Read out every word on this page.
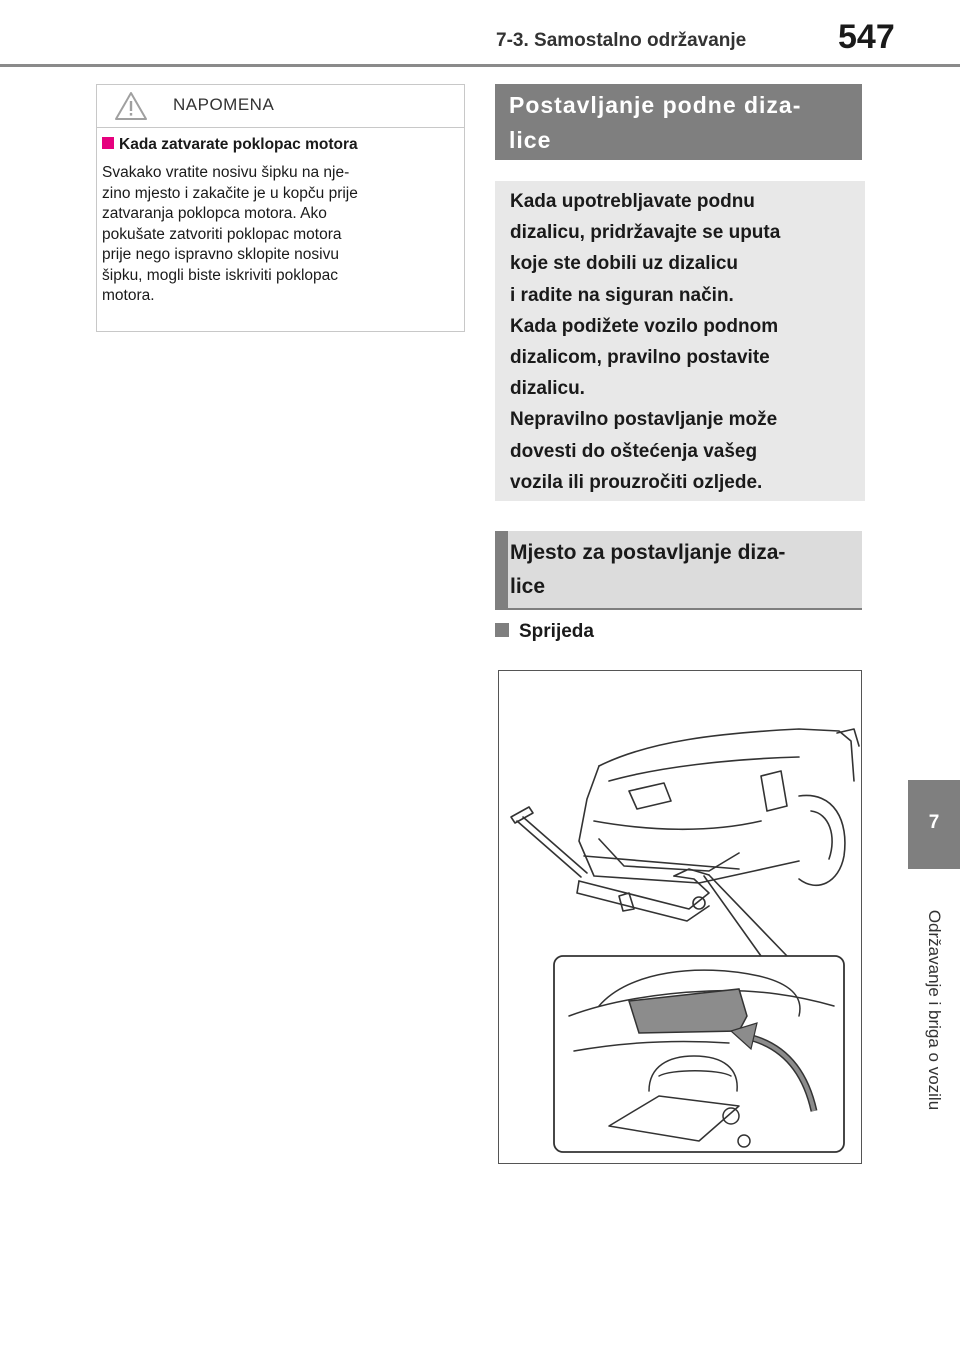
7-3. Samostalno održavanje	547
7
Održavanje i briga o vozilu
NAPOMENA
Kada zatvarate poklopac motora

Svakako vratite nosivu šipku na nje-
zino mjesto i zakačite je u kopču prije
zatvaranja poklopca motora. Ako
pokušate zatvoriti poklopac motora
prije nego ispravno sklopite nosivu
šipku, mogli biste iskriviti poklopac
motora.

Postavljanje podne diza-
lice

Kada upotrebljavate podnu
dizalicu, pridržavajte se uputa
koje ste dobili uz dizalicu
i radite na siguran način.
Kada podižete vozilo podnom
dizalicom, pravilno postavite
dizalicu.
Nepravilno postavljanje može
dovesti do oštećenja vašeg
vozila ili prouzročiti ozljede.

Mjesto za postavljanje diza-
lice

Sprijeda
